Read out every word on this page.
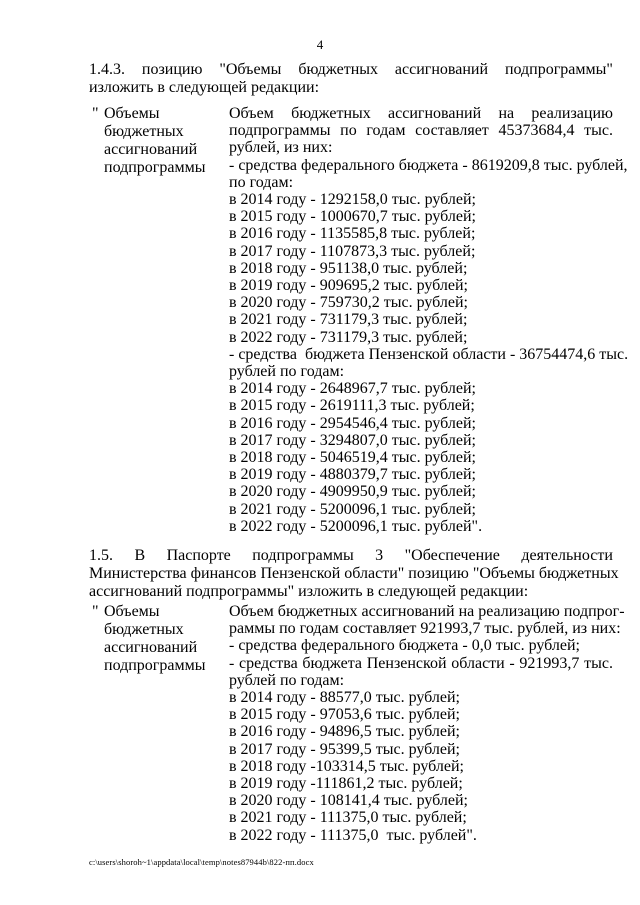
4
1.4.3. позицию "Объемы бюджетных ассигнований подпрограммы"
изложить в следующей редакции:
" Объемы
бюджетных
ассигнований
подпрограммы
Объем бюджетных ассигнований на реализацию
подпрограммы по годам составляет 45373684,4 тыс.
рублей, из них:
- средства федерального бюджета - 8619209,8 тыс. рублей,
по годам:
в 2014 году - 1292158,0 тыс. рублей;
в 2015 году - 1000670,7 тыс. рублей;
в 2016 году - 1135585,8 тыс. рублей;
в 2017 году - 1107873,3 тыс. рублей;
в 2018 году - 951138,0 тыс. рублей;
в 2019 году - 909695,2 тыс. рублей;
в 2020 году - 759730,2 тыс. рублей;
в 2021 году - 731179,3 тыс. рублей;
в 2022 году - 731179,3 тыс. рублей;
- средства  бюджета Пензенской области - 36754474,6 тыс.
рублей по годам:
в 2014 году - 2648967,7 тыс. рублей;
в 2015 году - 2619111,3 тыс. рублей;
в 2016 году - 2954546,4 тыс. рублей;
в 2017 году - 3294807,0 тыс. рублей;
в 2018 году - 5046519,4 тыс. рублей;
в 2019 году - 4880379,7 тыс. рублей;
в 2020 году - 4909950,9 тыс. рублей;
в 2021 году - 5200096,1 тыс. рублей;
в 2022 году - 5200096,1 тыс. рублей".
1.5. В Паспорте подпрограммы 3 "Обеспечение деятельности
Министерства финансов Пензенской области" позицию "Объемы бюджетных
ассигнований подпрограммы" изложить в следующей редакции:
" Объемы
бюджетных
ассигнований
подпрограммы
Объем бюджетных ассигнований на реализацию подпрог-
раммы по годам составляет 921993,7 тыс. рублей, из них:
- средства федерального бюджета - 0,0 тыс. рублей;
- средства бюджета Пензенской области - 921993,7 тыс.
рублей по годам:
в 2014 году - 88577,0 тыс. рублей;
в 2015 году - 97053,6 тыс. рублей;
в 2016 году - 94896,5 тыс. рублей;
в 2017 году - 95399,5 тыс. рублей;
в 2018 году -103314,5 тыс. рублей;
в 2019 году -111861,2 тыс. рублей;
в 2020 году - 108141,4 тыс. рублей;
в 2021 году - 111375,0 тыс. рублей;
в 2022 году - 111375,0  тыс. рублей".
c:\users\shoroh~1\appdata\local\temp\notes87944b\822-пп.docx
